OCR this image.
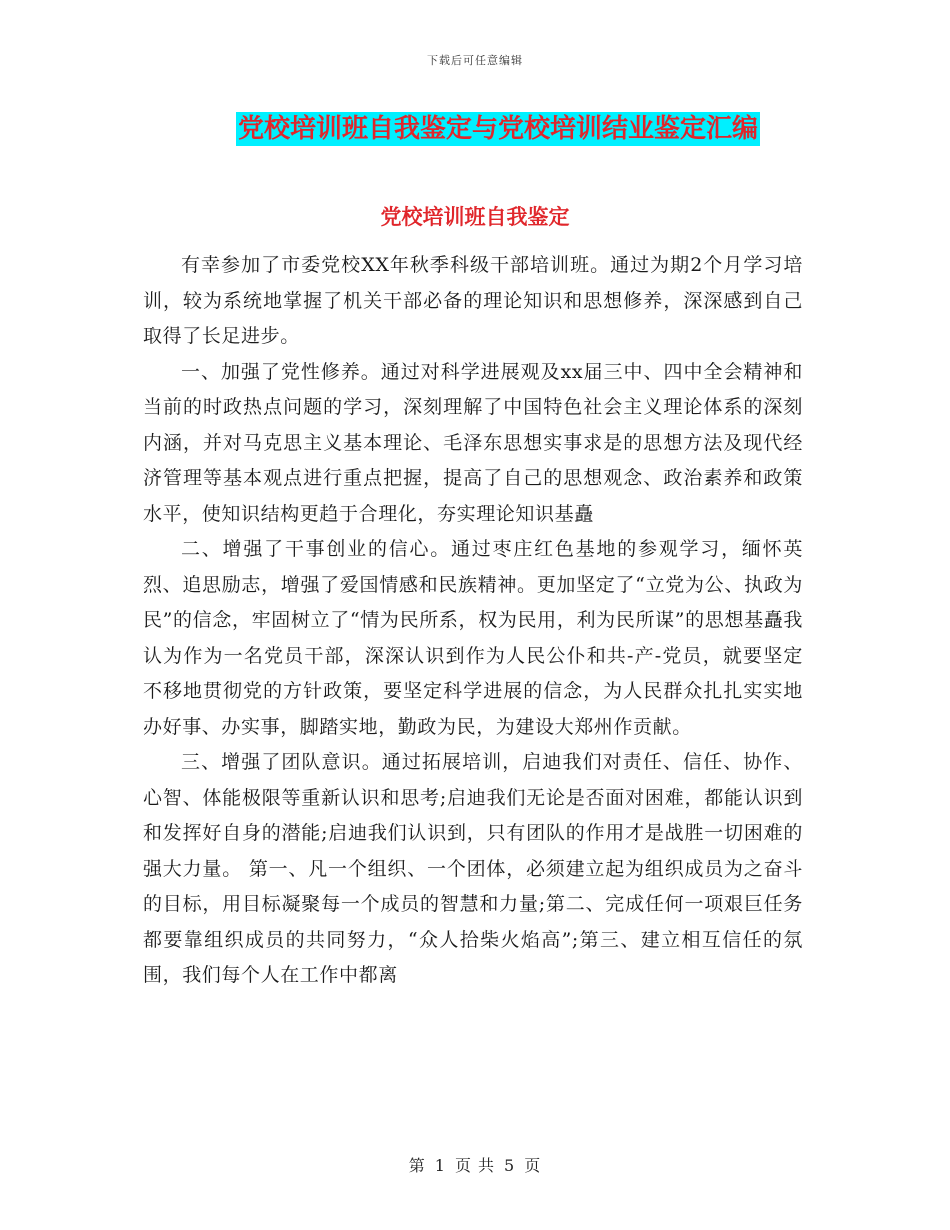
下载后可任意编辑
党校培训班自我鉴定与党校培训结业鉴定汇编
党校培训班自我鉴定

有幸参加了市委党校XX年秋季科级干部培训班。通过为期2个月学习培训，较为系统地掌握了机关干部必备的理论知识和思想修养，深深感到自己取得了长足进步。

一、加强了党性修养。通过对科学进展观及xx届三中、四中全会精神和当前的时政热点问题的学习，深刻理解了中国特色社会主义理论体系的深刻内涵，并对马克思主义基本理论、毛泽东思想实事求是的思想方法及现代经济管理等基本观点进行重点把握，提高了自己的思想观念、政治素养和政策水平，使知识结构更趋于合理化，夯实理论知识基矗

二、增强了干事创业的信心。通过枣庄红色基地的参观学习，缅怀英烈、追思励志，增强了爱国情感和民族精神。更加坚定了“立党为公、执政为民”的信念，牢固树立了“情为民所系，权为民用，利为民所谋”的思想基矗我认为作为一名党员干部，深深认识到作为人民公仆和共-产-党员，就要坚定不移地贯彻党的方针政策，要坚定科学进展的信念，为人民群众扎扎实实地办好事、办实事，脚踏实地，勤政为民，为建设大郑州作贡献。

三、增强了团队意识。通过拓展培训，启迪我们对责任、信任、协作、心智、体能极限等重新认识和思考;启迪我们无论是否面对困难，都能认识到和发挥好自身的潜能;启迪我们认识到，只有团队的作用才是战胜一切困难的强大力量。 第一、凡一个组织、一个团体，必须建立起为组织成员为之奋斗的目标，用目标凝聚每一个成员的智慧和力量;第二、完成任何一项艰巨任务都要靠组织成员的共同努力，“众人拾柴火焰高”;第三、建立相互信任的氛围，我们每个人在工作中都离

第 1 页 共 5 页
